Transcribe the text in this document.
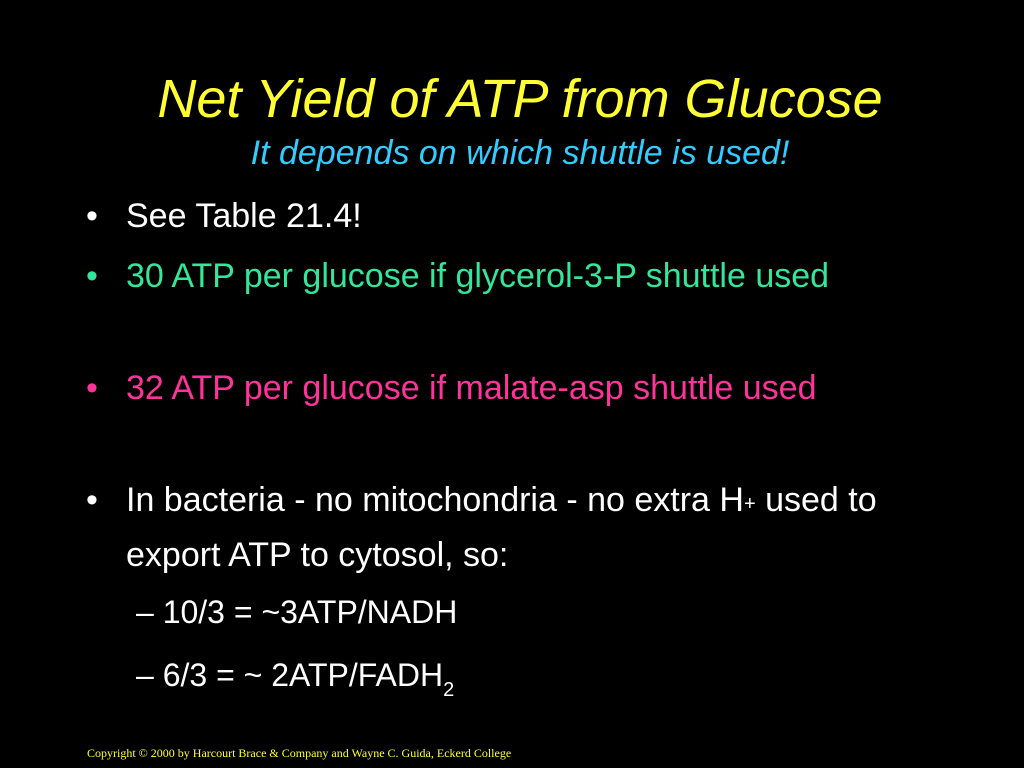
Net Yield of ATP from Glucose
It depends on which shuttle is used!
• See Table 21.4!
• 30 ATP per glucose if glycerol-3-P shuttle used
• 32 ATP per glucose if malate-asp shuttle used
• In bacteria - no mitochondria - no extra H+ used to export ATP to cytosol, so:
– 10/3 = ~3ATP/NADH
– 6/3 = ~ $2ATP/FADH_2$
Copyright © 2000 by Harcourt Brace & Company and Wayne C. Guida, Eckerd College
